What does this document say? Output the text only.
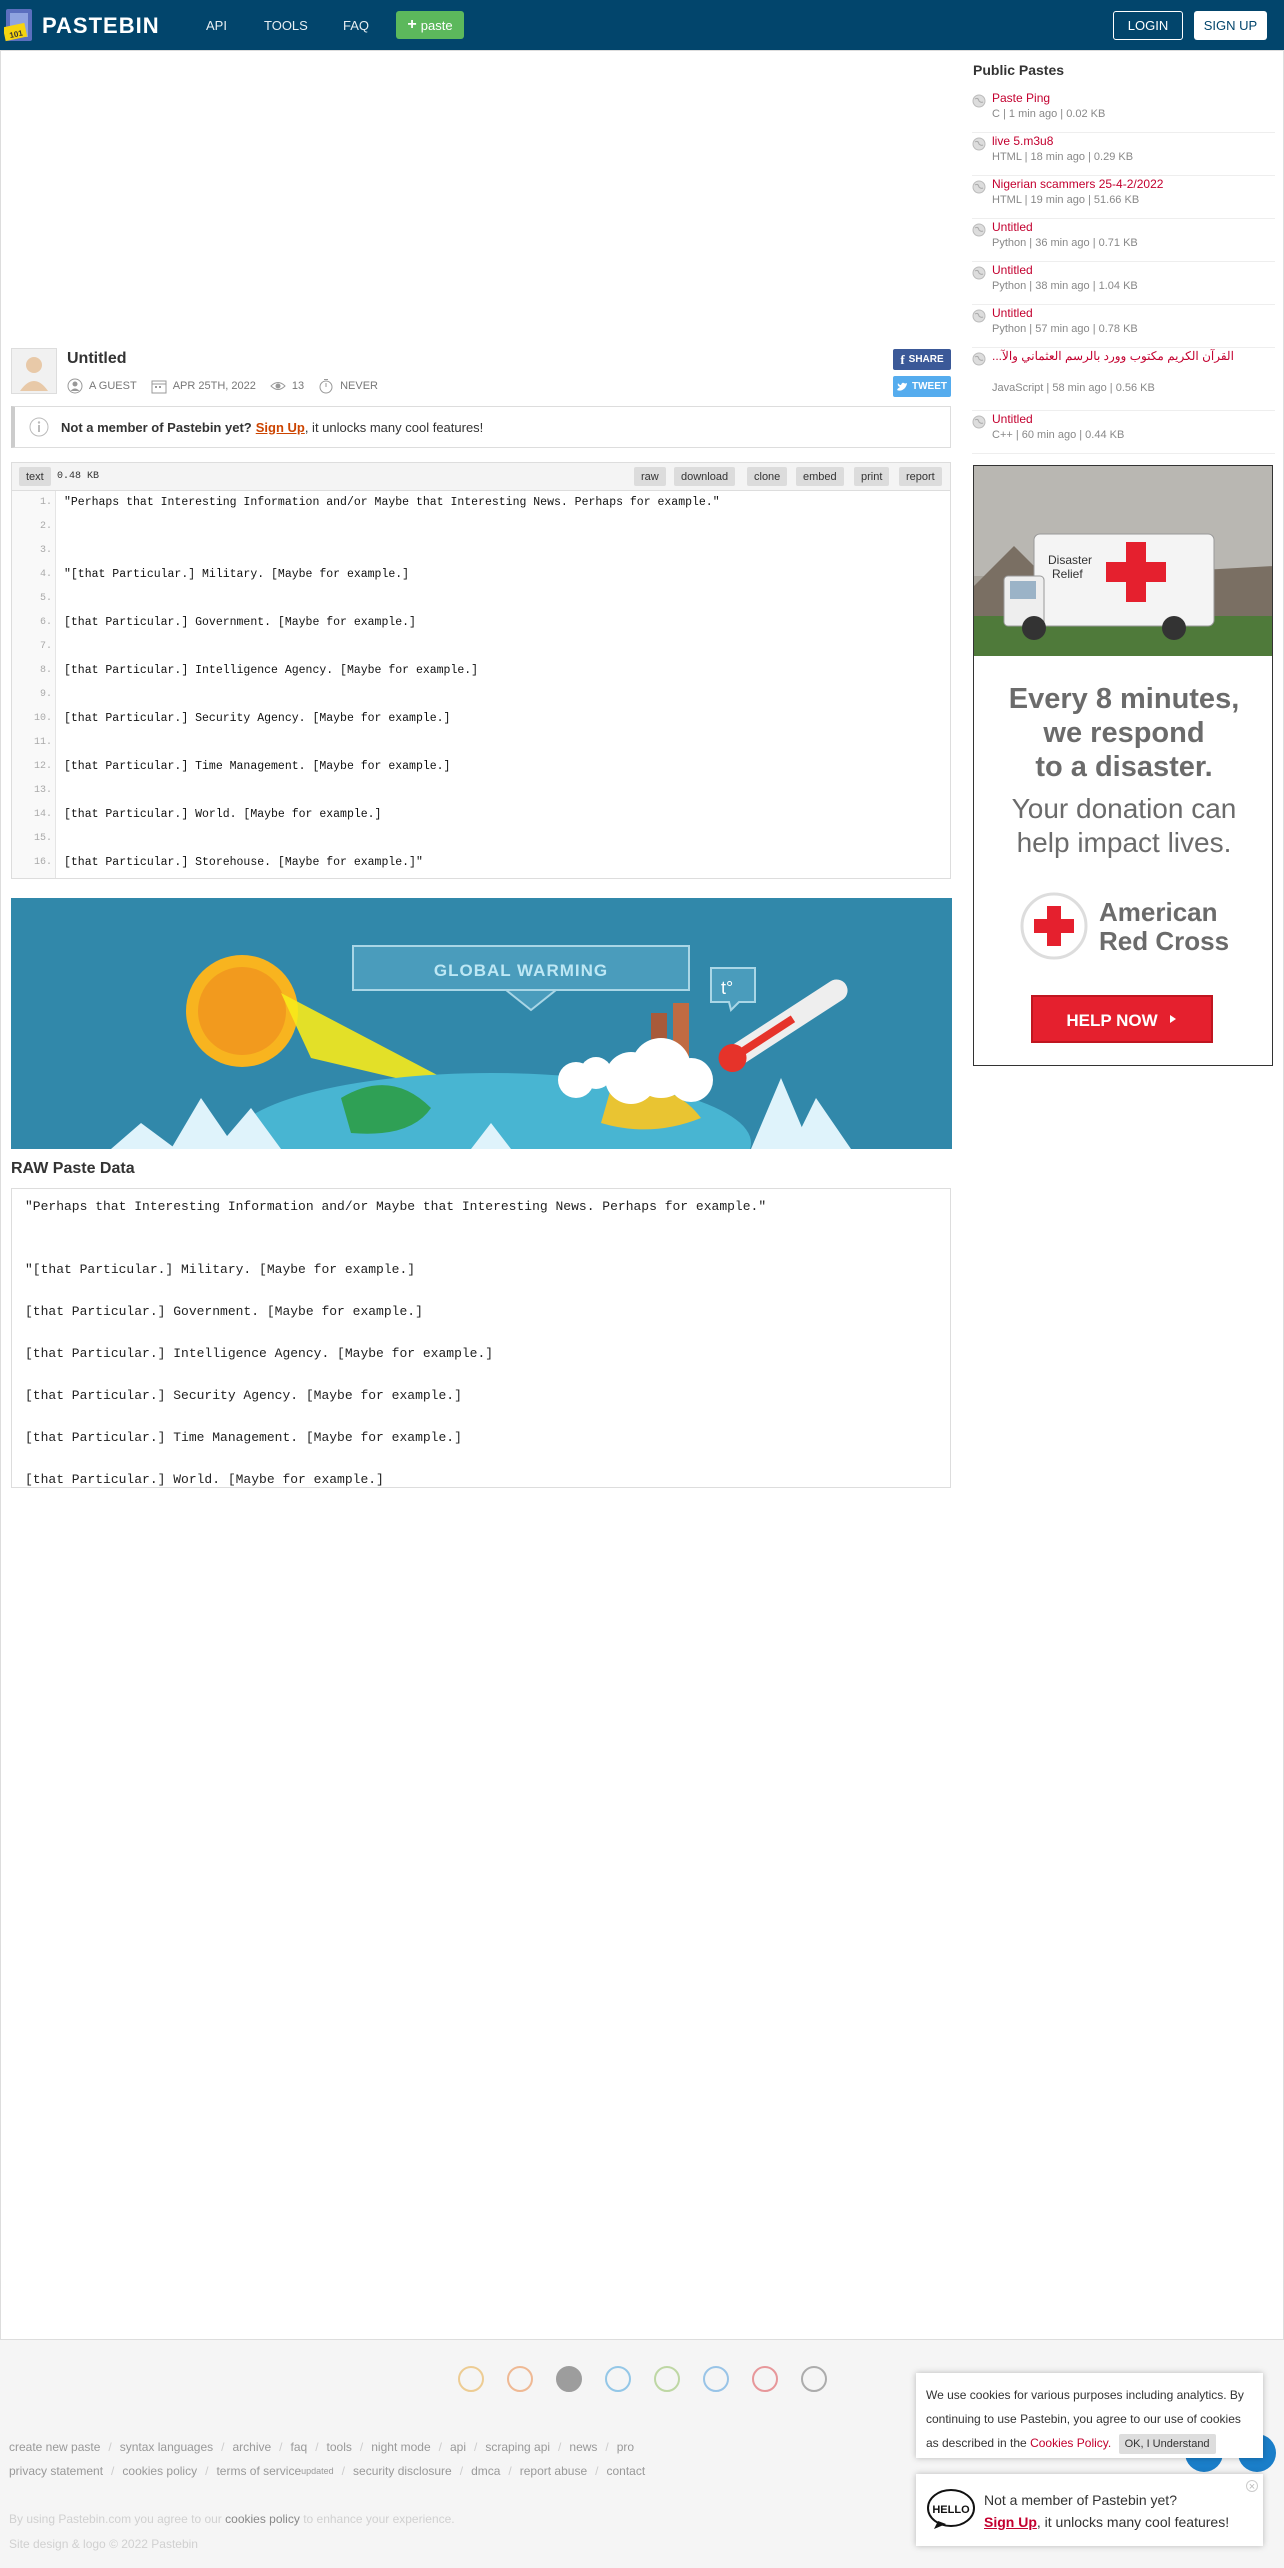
101 PASTEBIN	API	TOOLS	FAQ + paste	LOGIN	SIGN UP
Untitled
A GUEST	APR 25TH, 2022	13	NEVER
f SHARE
TWEET
Not a member of Pastebin yet? Sign Up , it unlocks many cool features!
text	0.48 KB	raw	download	clone	embed	print	report
1. "Perhaps that Interesting Information and/or Maybe that Interesting News. Perhaps for example."
2.
3.
4. "[that Particular.] Military. [Maybe for example.]
5.
6. [that Particular.] Government. [Maybe for example.]
7.
8. [that Particular.] Intelligence Agency. [Maybe for example.]
9.
10. [that Particular.] Security Agency. [Maybe for example.]
11.
12. [that Particular.] Time Management. [Maybe for example.]
13.
14. [that Particular.] World. [Maybe for example.]
15.
16. [that Particular.] Storehouse. [Maybe for example.]"
GLOBAL WARMING
t°
RAW Paste Data
"Perhaps that Interesting Information and/or Maybe that Interesting News. Perhaps for example."
"[that Particular.] Military. [Maybe for example.]
[that Particular.] Government. [Maybe for example.]
[that Particular.] Intelligence Agency. [Maybe for example.]
[that Particular.] Security Agency. [Maybe for example.]
[that Particular.] Time Management. [Maybe for example.]
[that Particular.] World. [Maybe for example.]
Public Pastes
Paste Ping
C | 1 min ago | 0.02 KB
live 5.m3u8
HTML | 18 min ago | 0.29 KB
Nigerian scammers 25-4-2/2022
HTML | 19 min ago | 51.66 KB
Untitled
Python | 36 min ago | 0.71 KB
Untitled
Python | 38 min ago | 1.04 KB
Untitled
Python | 57 min ago | 0.78 KB
القرآن الكريم مكتوب وورد بالرسم العثماني والآ...
JavaScript | 58 min ago | 0.56 KB
Untitled
C++ | 60 min ago | 0.44 KB
Disaster
Relief
Every 8 minutes,
we respond
to a disaster.
Your donation can
help impact lives.
American
Red Cross
HELP NOW
create new paste / syntax languages / archive / faq / tools / night mode / api / scraping api / news / pro
privacy statement / cookies policy / terms of service updated / security disclosure / dmca / report abuse / contact
By using Pastebin.com you agree to our cookies policy to enhance your experience.
Site design & logo © 2022 Pastebin
We use cookies for various purposes including analytics. By continuing to use Pastebin, you agree to our use of cookies as described in the Cookies Policy. OK, I Understand
HELLO
Not a member of Pastebin yet?
Sign Up, it unlocks many cool features!
×
